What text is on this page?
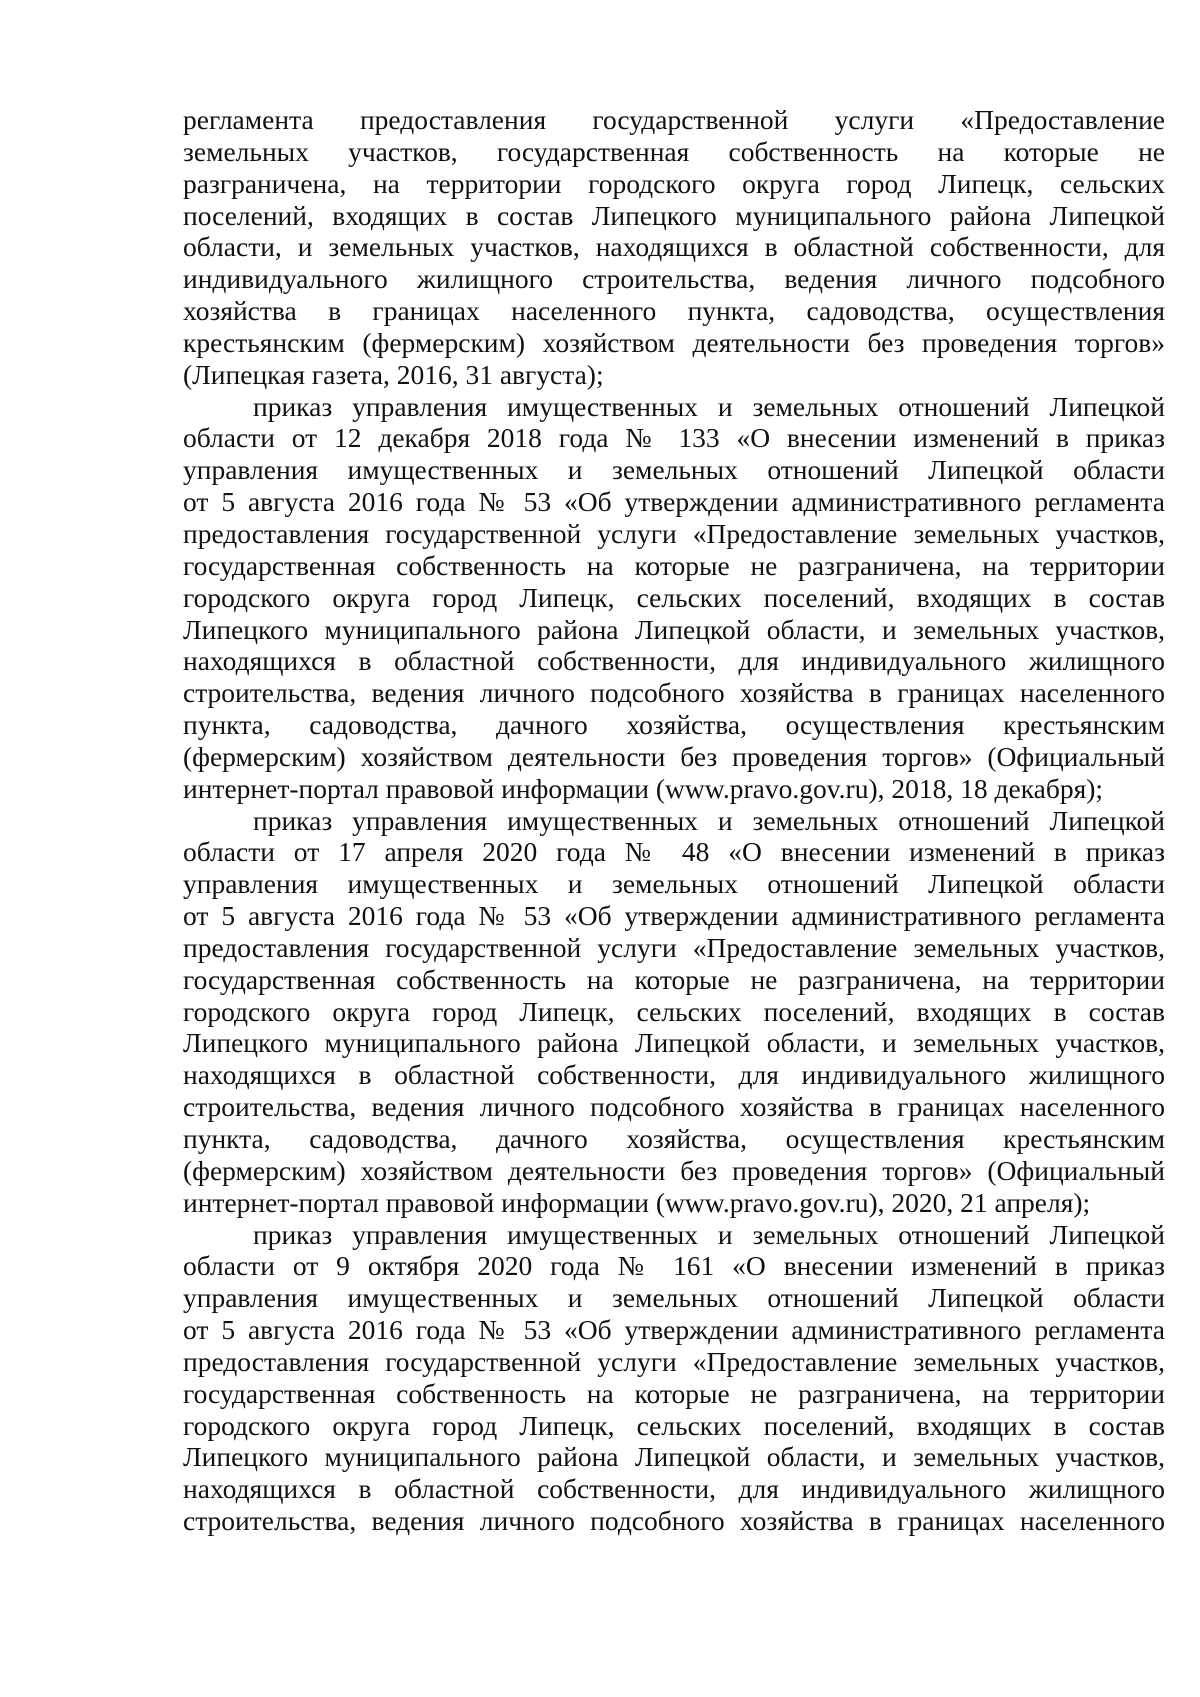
регламента предоставления государственной услуги «Предоставление
земельных участков, государственная собственность на которые не
разграничена, на территории городского округа город Липецк, сельских
поселений, входящих в состав Липецкого муниципального района Липецкой
области, и земельных участков, находящихся в областной собственности, для
индивидуального жилищного строительства, ведения личного подсобного
хозяйства в границах населенного пункта, садоводства, осуществления
крестьянским (фермерским) хозяйством деятельности без проведения торгов»
(Липецкая газета, 2016, 31 августа);
приказ управления имущественных и земельных отношений Липецкой
области от 12 декабря 2018 года № 133 «О внесении изменений в приказ
управления имущественных и земельных отношений Липецкой области
от 5 августа 2016 года № 53 «Об утверждении административного регламента
предоставления государственной услуги «Предоставление земельных участков,
государственная собственность на которые не разграничена, на территории
городского округа город Липецк, сельских поселений, входящих в состав
Липецкого муниципального района Липецкой области, и земельных участков,
находящихся в областной собственности, для индивидуального жилищного
строительства, ведения личного подсобного хозяйства в границах населенного
пункта, садоводства, дачного хозяйства, осуществления крестьянским
(фермерским) хозяйством деятельности без проведения торгов» (Официальный
интернет-портал правовой информации (www.pravo.gov.ru), 2018, 18 декабря);
приказ управления имущественных и земельных отношений Липецкой
области от 17 апреля 2020 года № 48 «О внесении изменений в приказ
управления имущественных и земельных отношений Липецкой области
от 5 августа 2016 года № 53 «Об утверждении административного регламента
предоставления государственной услуги «Предоставление земельных участков,
государственная собственность на которые не разграничена, на территории
городского округа город Липецк, сельских поселений, входящих в состав
Липецкого муниципального района Липецкой области, и земельных участков,
находящихся в областной собственности, для индивидуального жилищного
строительства, ведения личного подсобного хозяйства в границах населенного
пункта, садоводства, дачного хозяйства, осуществления крестьянским
(фермерским) хозяйством деятельности без проведения торгов» (Официальный
интернет-портал правовой информации (www.pravo.gov.ru), 2020, 21 апреля);
приказ управления имущественных и земельных отношений Липецкой
области от 9 октября 2020 года № 161 «О внесении изменений в приказ
управления имущественных и земельных отношений Липецкой области
от 5 августа 2016 года № 53 «Об утверждении административного регламента
предоставления государственной услуги «Предоставление земельных участков,
государственная собственность на которые не разграничена, на территории
городского округа город Липецк, сельских поселений, входящих в состав
Липецкого муниципального района Липецкой области, и земельных участков,
находящихся в областной собственности, для индивидуального жилищного
строительства, ведения личного подсобного хозяйства в границах населенного
